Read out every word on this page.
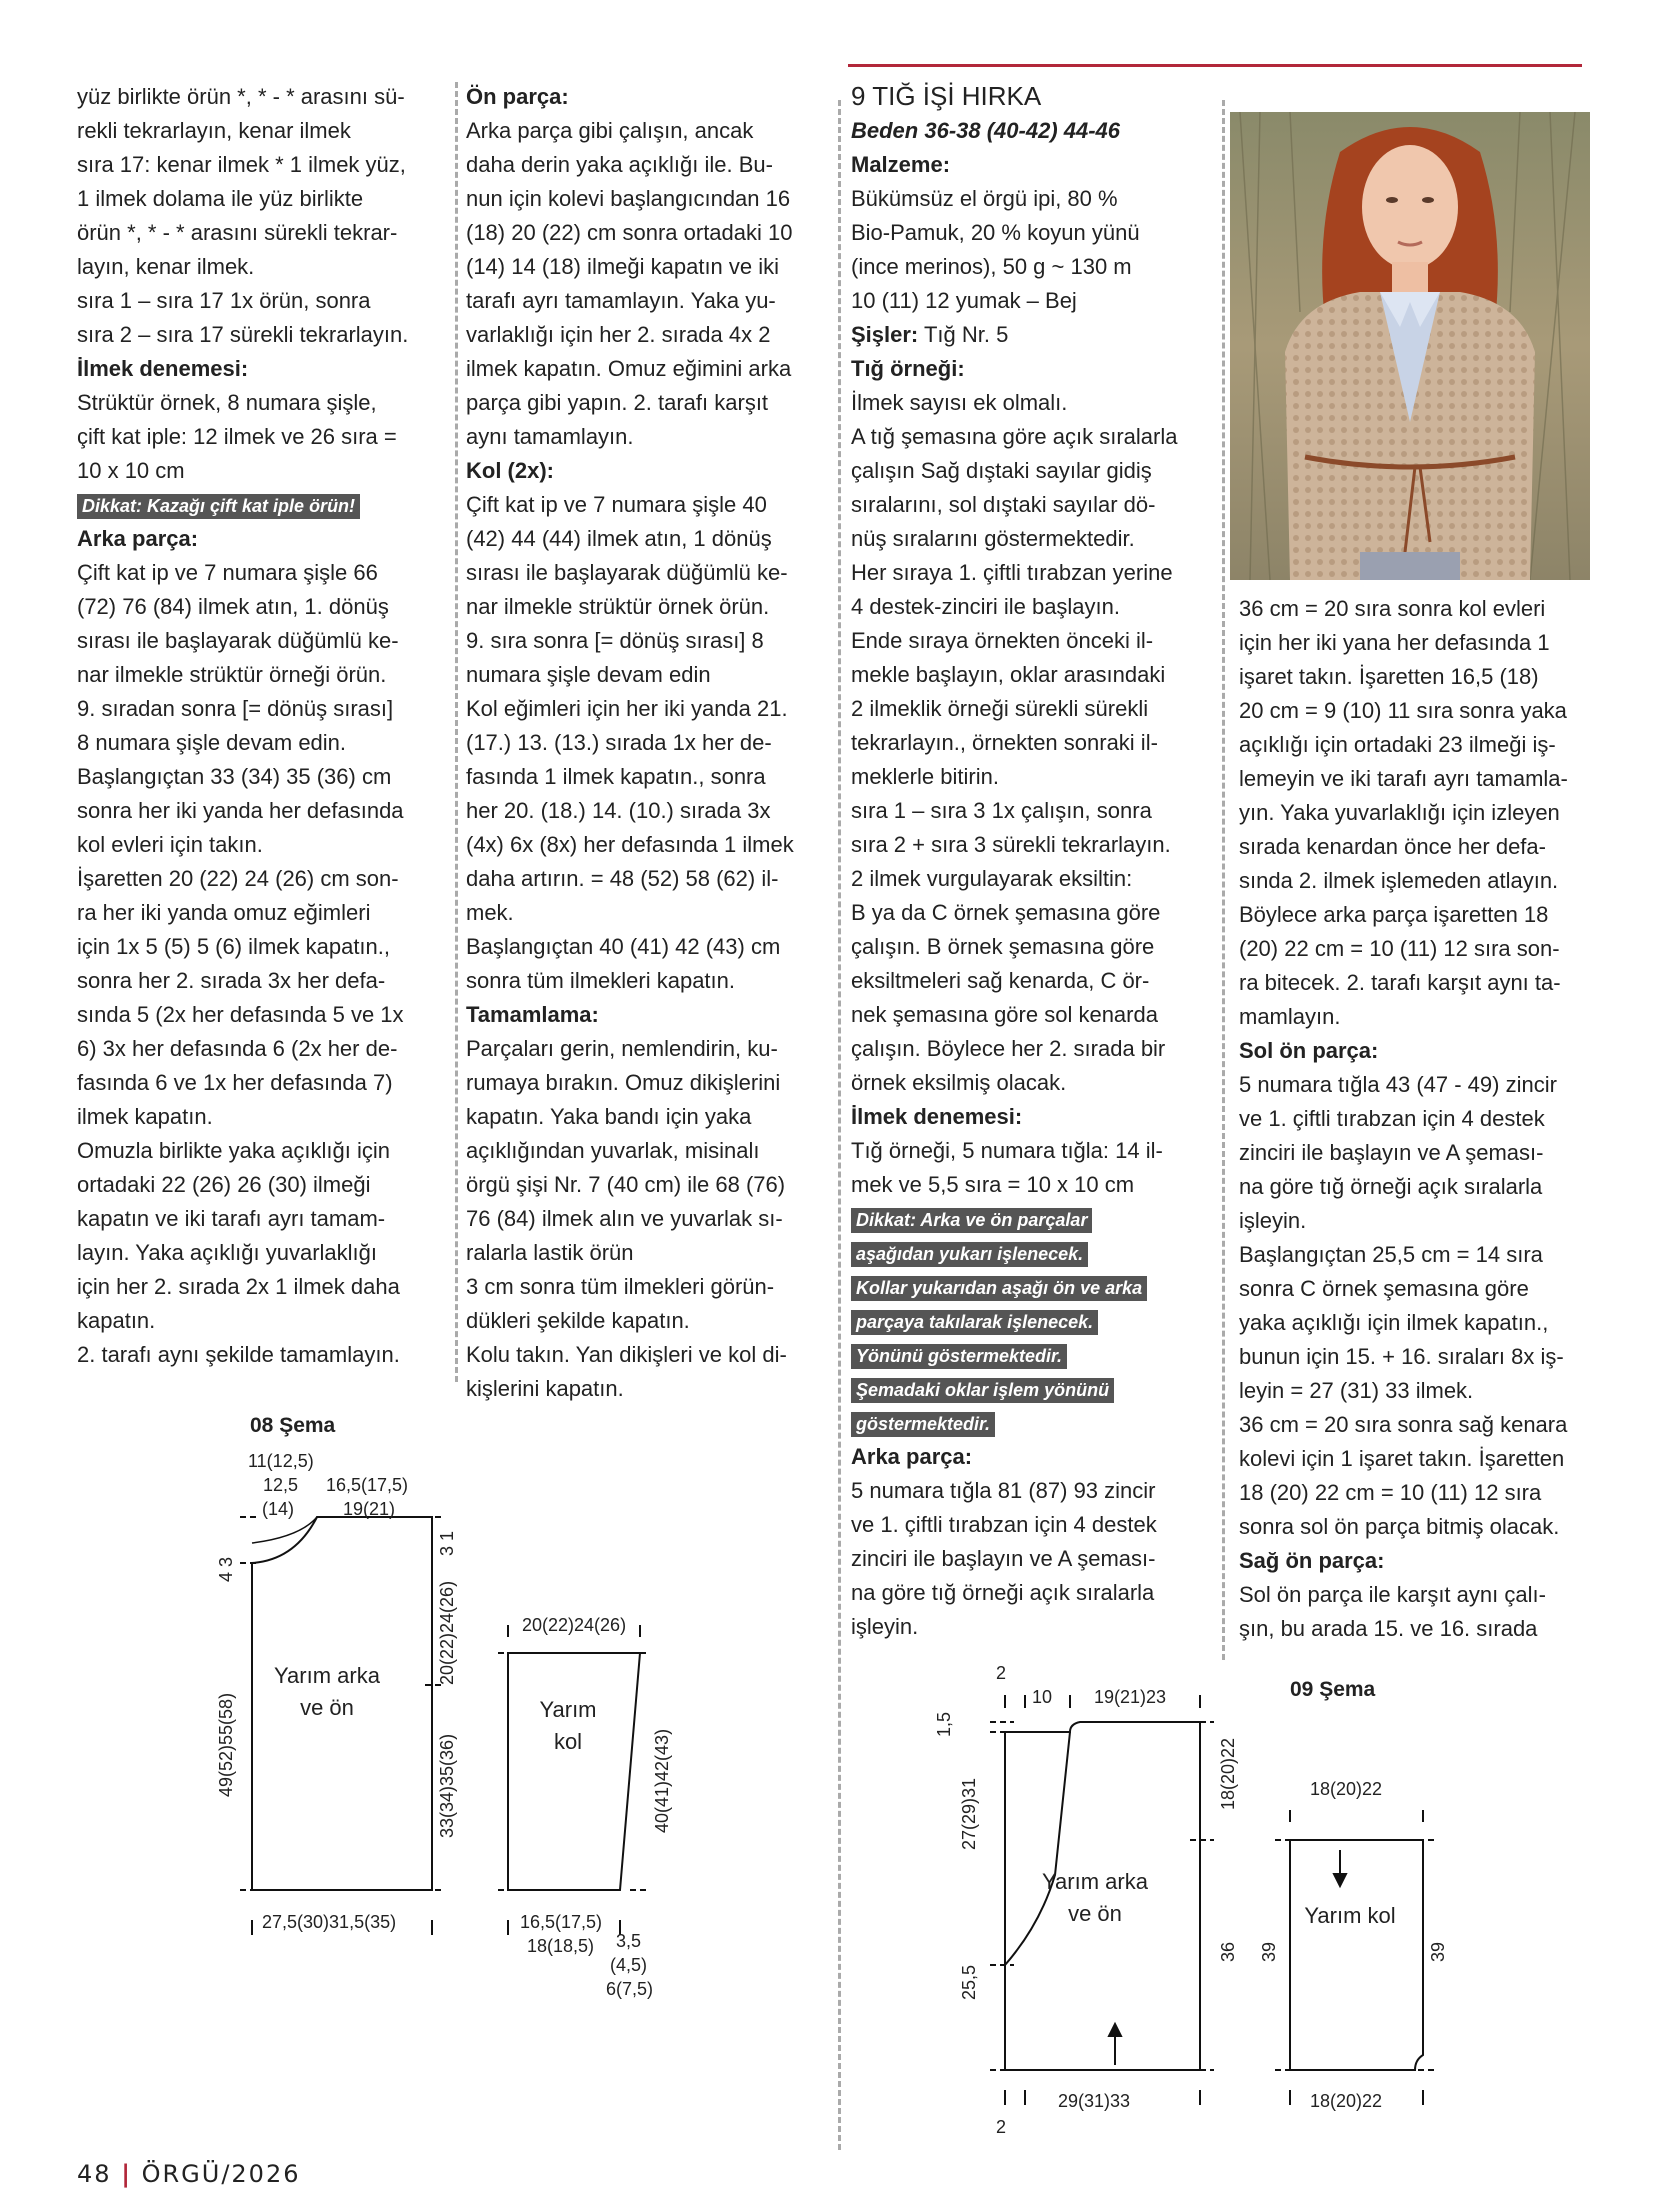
yüz birlikte örün *, * - * arasını sü-

rekli tekrarlayın, kenar ilmek

sıra 17: kenar ilmek * 1 ilmek yüz,

1 ilmek dolama ile yüz birlikte

örün *, * - * arasını sürekli tekrar-

layın, kenar ilmek.

sıra 1 – sıra 17 1x örün, sonra

sıra 2 – sıra 17 sürekli tekrarlayın.

İlmek denemesi:

Strüktür örnek, 8 numara şişle,

çift kat iple: 12 ilmek ve 26 sıra =

10 x 10 cm

Dikkat: Kazağı çift kat iple örün!

Arka parça:

Çift kat ip ve 7 numara şişle 66

(72) 76 (84) ilmek atın, 1. dönüş

sırası ile başlayarak düğümlü ke-

nar ilmekle strüktür örneği örün.

9. sıradan sonra [= dönüş sırası]

8 numara şişle devam edin.

Başlangıçtan 33 (34) 35 (36) cm

sonra her iki yanda her defasında

kol evleri için takın.

İşaretten 20 (22) 24 (26) cm son-

ra her iki yanda omuz eğimleri

için 1x 5 (5) 5 (6) ilmek kapatın.,

sonra her 2. sırada 3x her defa-

sında 5 (2x her defasında 5 ve 1x

6) 3x her defasında 6 (2x her de-

fasında 6 ve 1x her defasında 7)

ilmek kapatın.

Omuzla birlikte yaka açıklığı için

ortadaki 22 (26) 26 (30) ilmeği

kapatın ve iki tarafı ayrı tamam-

layın. Yaka açıklığı yuvarlaklığı

için her 2. sırada 2x 1 ilmek daha

kapatın.

2. tarafı aynı şekilde tamamlayın.

Ön parça:

Arka parça gibi çalışın, ancak

daha derin yaka açıklığı ile. Bu-

nun için kolevi başlangıcından 16

(18) 20 (22) cm sonra ortadaki 10

(14) 14 (18) ilmeği kapatın ve iki

tarafı ayrı tamamlayın. Yaka yu-

varlaklığı için her 2. sırada 4x 2

ilmek kapatın. Omuz eğimini arka

parça gibi yapın. 2. tarafı karşıt

aynı tamamlayın.

Kol (2x):

Çift kat ip ve 7 numara şişle 40

(42) 44 (44) ilmek atın, 1 dönüş

sırası ile başlayarak düğümlü ke-

nar ilmekle strüktür örnek örün.

9. sıra sonra [= dönüş sırası] 8

numara şişle devam edin

Kol eğimleri için her iki yanda 21.

(17.) 13. (13.) sırada 1x her de-

fasında 1 ilmek kapatın., sonra

her 20. (18.) 14. (10.) sırada 3x

(4x) 6x (8x) her defasında 1 ilmek

daha artırın. = 48 (52) 58 (62) il-

mek.

Başlangıçtan 40 (41) 42 (43) cm

sonra tüm ilmekleri kapatın.

Tamamlama:

Parçaları gerin, nemlendirin, ku-

rumaya bırakın. Omuz dikişlerini

kapatın. Yaka bandı için yaka

açıklığından yuvarlak, misinalı

örgü şişi Nr. 7 (40 cm) ile 68 (76)

76 (84) ilmek alın ve yuvarlak sı-

ralarla lastik örün

3 cm sonra tüm ilmekleri görün-

dükleri şekilde kapatın.

Kolu takın. Yan dikişleri ve kol di-

kişlerini kapatın.

9 TIĞ İŞİ HIRKA

Beden 36-38 (40-42) 44-46

Malzeme:

Bükümsüz el örgü ipi, 80 %

Bio-Pamuk, 20 % koyun yünü

(ince merinos), 50 g ~ 130 m

10 (11) 12 yumak – Bej

Şişler: Tığ Nr. 5

Tığ örneği:

İlmek sayısı ek olmalı.

A tığ şemasına göre açık sıralarla

çalışın Sağ dıştaki sayılar gidiş

sıralarını, sol dıştaki sayılar dö-

nüş sıralarını göstermektedir.

Her sıraya 1. çiftli tırabzan yerine

4 destek-zinciri ile başlayın.

Ende sıraya örnekten önceki il-

mekle başlayın, oklar arasındaki

2 ilmeklik örneği sürekli sürekli

tekrarlayın., örnekten sonraki il-

meklerle bitirin.

sıra 1 – sıra 3 1x çalışın, sonra

sıra 2 + sıra 3 sürekli tekrarlayın.

2 ilmek vurgulayarak eksiltin:

B ya da C örnek şemasına göre

çalışın. B örnek şemasına göre

eksiltmeleri sağ kenarda, C ör-

nek şemasına göre sol kenarda

çalışın. Böylece her 2. sırada bir

örnek eksilmiş olacak.

İlmek denemesi:

Tığ örneği, 5 numara tığla: 14 il-

mek ve 5,5 sıra = 10 x 10 cm

Dikkat: Arka ve ön parçalar

aşağıdan yukarı işlenecek.

Kollar yukarıdan aşağı ön ve arka

parçaya takılarak işlenecek.

Yönünü göstermektedir.

Şemadaki oklar işlem yönünü

göstermektedir.

Arka parça:

5 numara tığla 81 (87) 93 zincir

ve 1. çiftli tırabzan için 4 destek

zinciri ile başlayın ve A şeması-

na göre tığ örneği açık sıralarla

işleyin.

36 cm = 20 sıra sonra kol evleri

için her iki yana her defasında 1

işaret takın. İşaretten 16,5 (18)

20 cm = 9 (10) 11 sıra sonra yaka

açıklığı için ortadaki 23 ilmeği iş-

lemeyin ve iki tarafı ayrı tamamla-

yın. Yaka yuvarlaklığı için izleyen

sırada kenardan önce her defa-

sında 2. ilmek işlemeden atlayın.

Böylece arka parça işaretten 18

(20) 22 cm = 10 (11) 12 sıra son-

ra bitecek. 2. tarafı karşıt aynı ta-

mamlayın.

Sol ön parça:

5 numara tığla 43 (47 - 49) zincir

ve 1. çiftli tırabzan için 4 destek

zinciri ile başlayın ve A şeması-

na göre tığ örneği açık sıralarla

işleyin.

Başlangıçtan 25,5 cm = 14 sıra

sonra C örnek şemasına göre

yaka açıklığı için ilmek kapatın.,

bunun için 15. + 16. sıraları 8x iş-

leyin = 27 (31) 33 ilmek.

36 cm = 20 sıra sonra sağ kenara

kolevi için 1 işaret takın. İşaretten

18 (20) 22 cm = 10 (11) 12 sıra

sonra sol ön parça bitmiş olacak.

Sağ ön parça:

Sol ön parça ile karşıt aynı çalı-

şın, bu arada 15. ve 16. sırada

08 Şema
11(12,5)
12,5
(14)
16,5(17,5)
19(21)
4 3
3 1
20(22)24(26)
49(52)55(58)	33(34)35(36)
Yarım arka
ve ön
27,5(30)31,5(35)
20(22)24(26)
Yarım
kol	40(41)42(43)
16,5(17,5)
18(18,5) 3,5
(4,5)
6(7,5)
09 Şema
2
10 19(21)23
1,5
27(29)31
25,5
18(20)22
36
Yarım arka
ve ön
29(31)33
2
18(20)22
Yarım kol
39	39
18(20)22
48 | ÖRGÜ/2026
